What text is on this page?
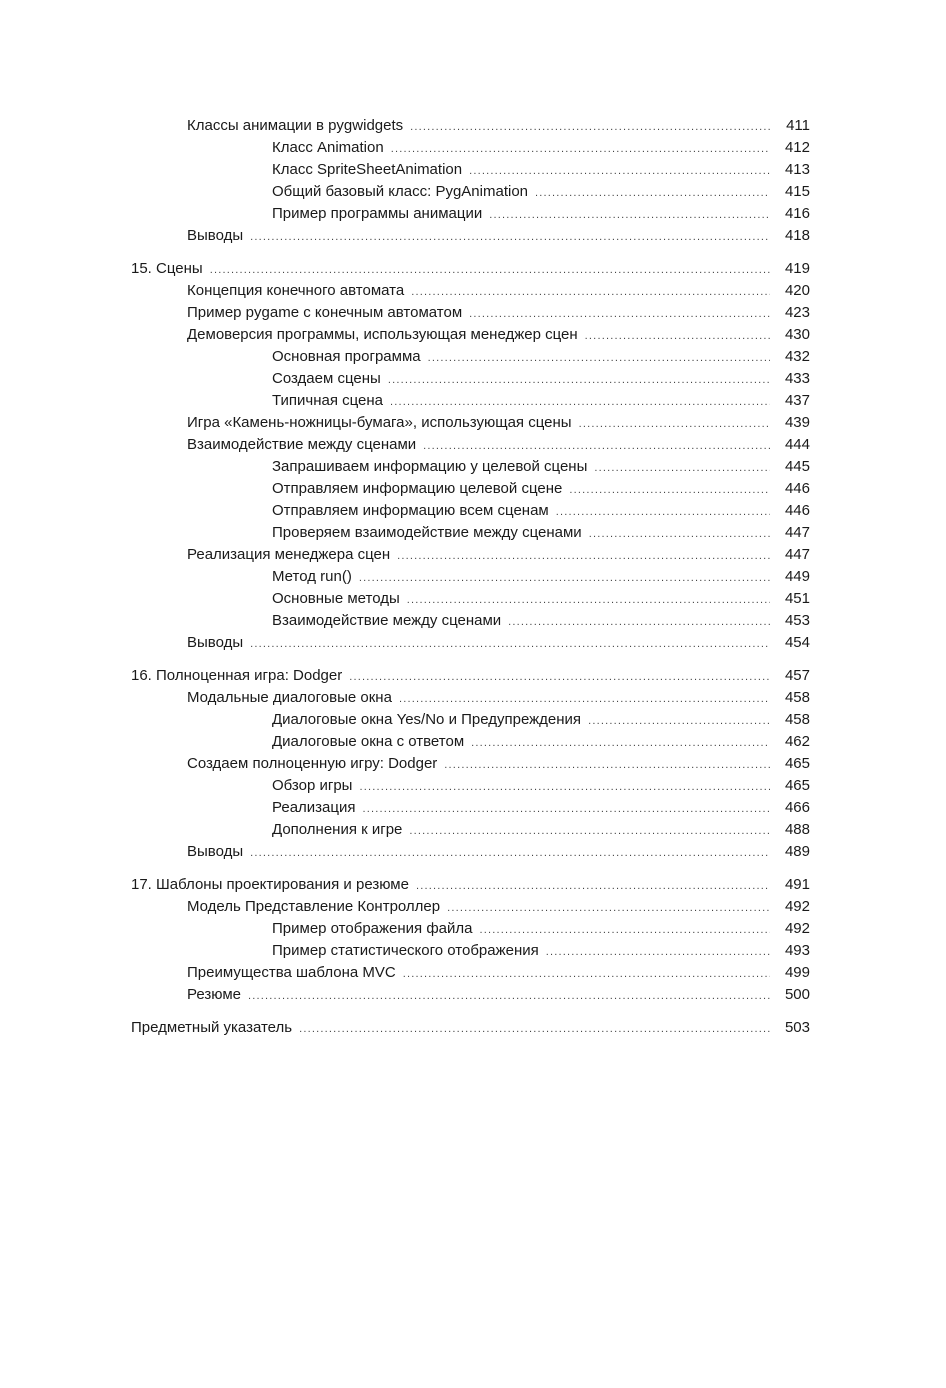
Классы анимации в pygwidgets .....	411
Класс Animation .....	412
Класс SpriteSheetAnimation .....	413
Общий базовый класс: PygAnimation .....	415
Пример программы анимации .....	416
Выводы .....	418
15. Сцены .....	419
Концепция конечного автомата .....	420
Пример pygame с конечным автоматом .....	423
Демоверсия программы, использующая менеджер сцен .....	430
Основная программа .....	432
Создаем сцены .....	433
Типичная сцена .....	437
Игра «Камень-ножницы-бумага», использующая сцены .....	439
Взаимодействие между сценами .....	444
Запрашиваем информацию у целевой сцены .....	445
Отправляем информацию целевой сцене .....	446
Отправляем информацию всем сценам .....	446
Проверяем взаимодействие между сценами .....	447
Реализация менеджера сцен .....	447
Метод run() .....	449
Основные методы .....	451
Взаимодействие между сценами .....	453
Выводы .....	454
16. Полноценная игра: Dodger .....	457
Модальные диалоговые окна .....	458
Диалоговые окна Yes/No и Предупреждения .....	458
Диалоговые окна с ответом .....	462
Создаем полноценную игру: Dodger .....	465
Обзор игры .....	465
Реализация .....	466
Дополнения к игре .....	488
Выводы .....	489
17. Шаблоны проектирования и резюме .....	491
Модель Представление Контроллер .....	492
Пример отображения файла .....	492
Пример статистического отображения .....	493
Преимущества шаблона MVC .....	499
Резюме .....	500
Предметный указатель .....	503
